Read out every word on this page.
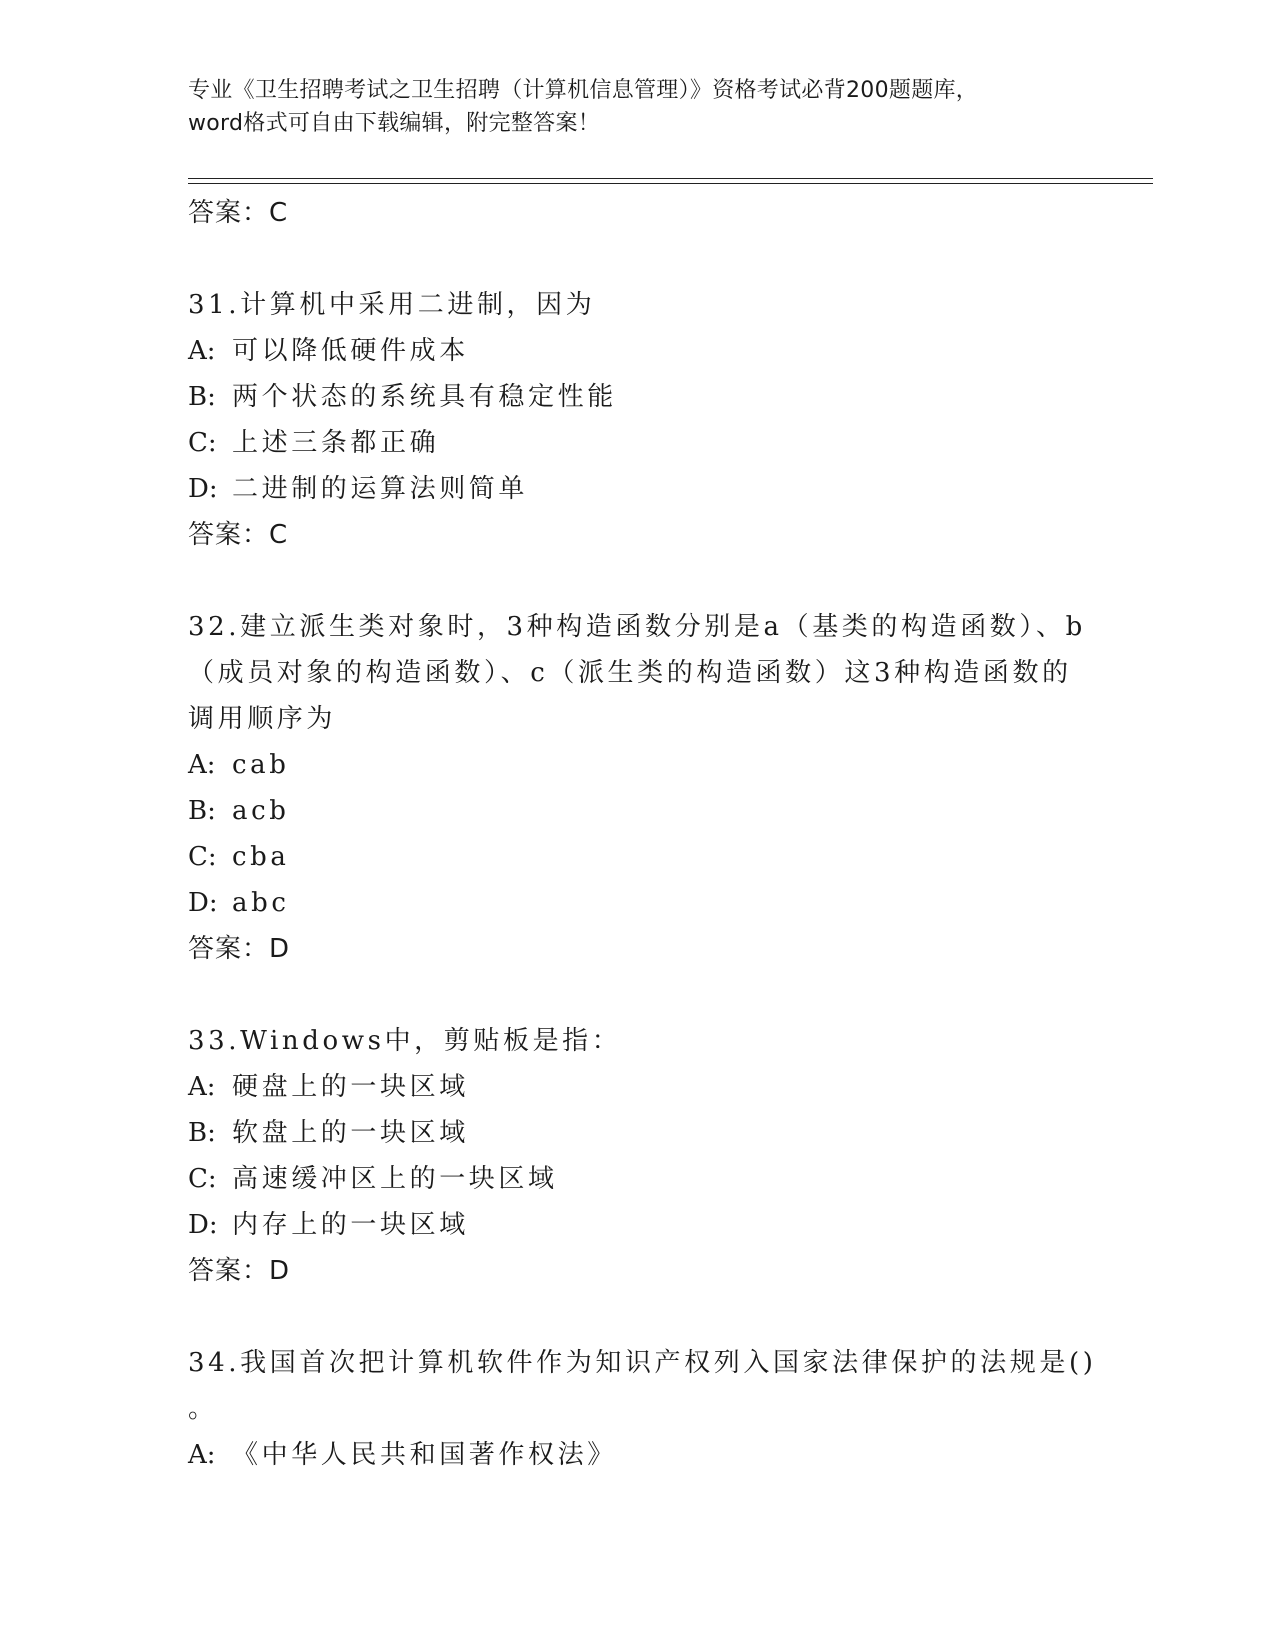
专业《卫生招聘考试之卫生招聘（计算机信息管理）》资格考试必背200题题库，
word格式可自由下载编辑，附完整答案！
答案：C
31.计算机中采用二进制，因为
A: 可以降低硬件成本
B: 两个状态的系统具有稳定性能
C: 上述三条都正确
D: 二进制的运算法则简单
答案：C
32.建立派生类对象时，3种构造函数分别是a（基类的构造函数）、b
（成员对象的构造函数）、c（派生类的构造函数）这3种构造函数的
调用顺序为
A: cab
B: acb
C: cba
D: abc
答案：D
33.Windows中，剪贴板是指：
A: 硬盘上的一块区域
B: 软盘上的一块区域
C: 高速缓冲区上的一块区域
D: 内存上的一块区域
答案：D
34.我国首次把计算机软件作为知识产权列入国家法律保护的法规是()
。
A: 《中华人民共和国著作权法》
